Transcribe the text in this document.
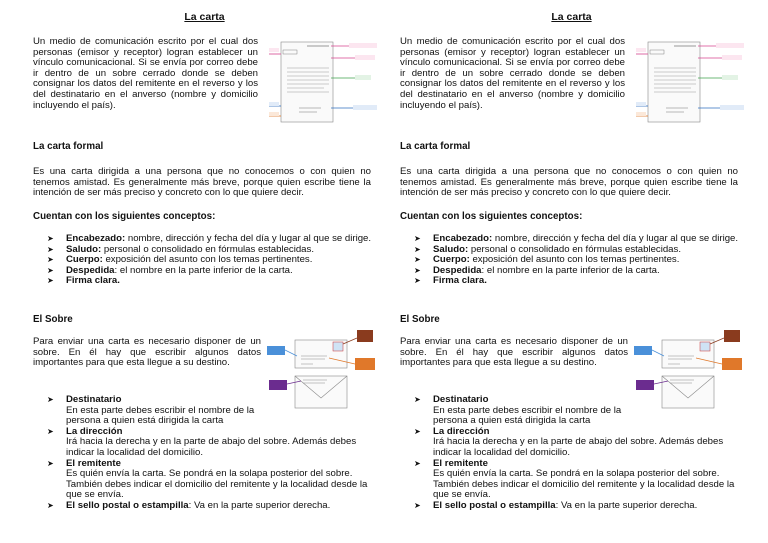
La carta
Un medio de comunicación escrito por el cual dos personas (emisor y receptor) logran establecer un vínculo comunicacional. Si se envía por correo debe ir dentro de un sobre cerrado donde se deben consignar los datos del remitente en el reverso y los del destinatario en el anverso (nombre y domicilio incluyendo el país).
La carta formal
Es una carta dirigida a una persona que no conocemos o con quien no tenemos amistad. Es generalmente más breve, porque quien escribe tiene la intención de ser más preciso y concreto con lo que quiere decir.
Cuentan con los siguientes conceptos:
➤ Encabezado: nombre, dirección y fecha del día y lugar al que se dirige.
➤ Saludo: personal o consolidado en fórmulas establecidas.
➤ Cuerpo: exposición del asunto con los temas pertinentes.
➤ Despedida: el nombre en la parte inferior de la carta.
➤ Firma clara.
El Sobre
Para enviar una carta es necesario disponer de un sobre. En él hay que escribir algunos datos importantes para que esta llegue a su destino.
➤ Destinatario
En esta parte debes escribir el nombre de la persona a quien está dirigida la carta
➤ La dirección
Irá hacia la derecha y en la parte de abajo del sobre. Además debes indicar la localidad del domicilio.
➤ El remitente
Es quién envía la carta. Se pondrá en la solapa posterior del sobre. También debes indicar el domicilio del remitente y la localidad desde la que se envía.
➤ El sello postal o estampilla: Va en la parte superior derecha.
La carta
Un medio de comunicación escrito por el cual dos personas (emisor y receptor) logran establecer un vínculo comunicacional. Si se envía por correo debe ir dentro de un sobre cerrado donde se deben consignar los datos del remitente en el reverso y los del destinatario en el anverso (nombre y domicilio incluyendo el país).
La carta formal
Es una carta dirigida a una persona que no conocemos o con quien no tenemos amistad. Es generalmente más breve, porque quien escribe tiene la intención de ser más preciso y concreto con lo que quiere decir.
Cuentan con los siguientes conceptos:
➤ Encabezado: nombre, dirección y fecha del día y lugar al que se dirige.
➤ Saludo: personal o consolidado en fórmulas establecidas.
➤ Cuerpo: exposición del asunto con los temas pertinentes.
➤ Despedida: el nombre en la parte inferior de la carta.
➤ Firma clara.
El Sobre
Para enviar una carta es necesario disponer de un sobre. En él hay que escribir algunos datos importantes para que esta llegue a su destino.
➤ Destinatario
En esta parte debes escribir el nombre de la persona a quien está dirigida la carta
➤ La dirección
Irá hacia la derecha y en la parte de abajo del sobre. Además debes indicar la localidad del domicilio.
➤ El remitente
Es quién envía la carta. Se pondrá en la solapa posterior del sobre. También debes indicar el domicilio del remitente y la localidad desde la que se envía.
➤ El sello postal o estampilla: Va en la parte superior derecha.
